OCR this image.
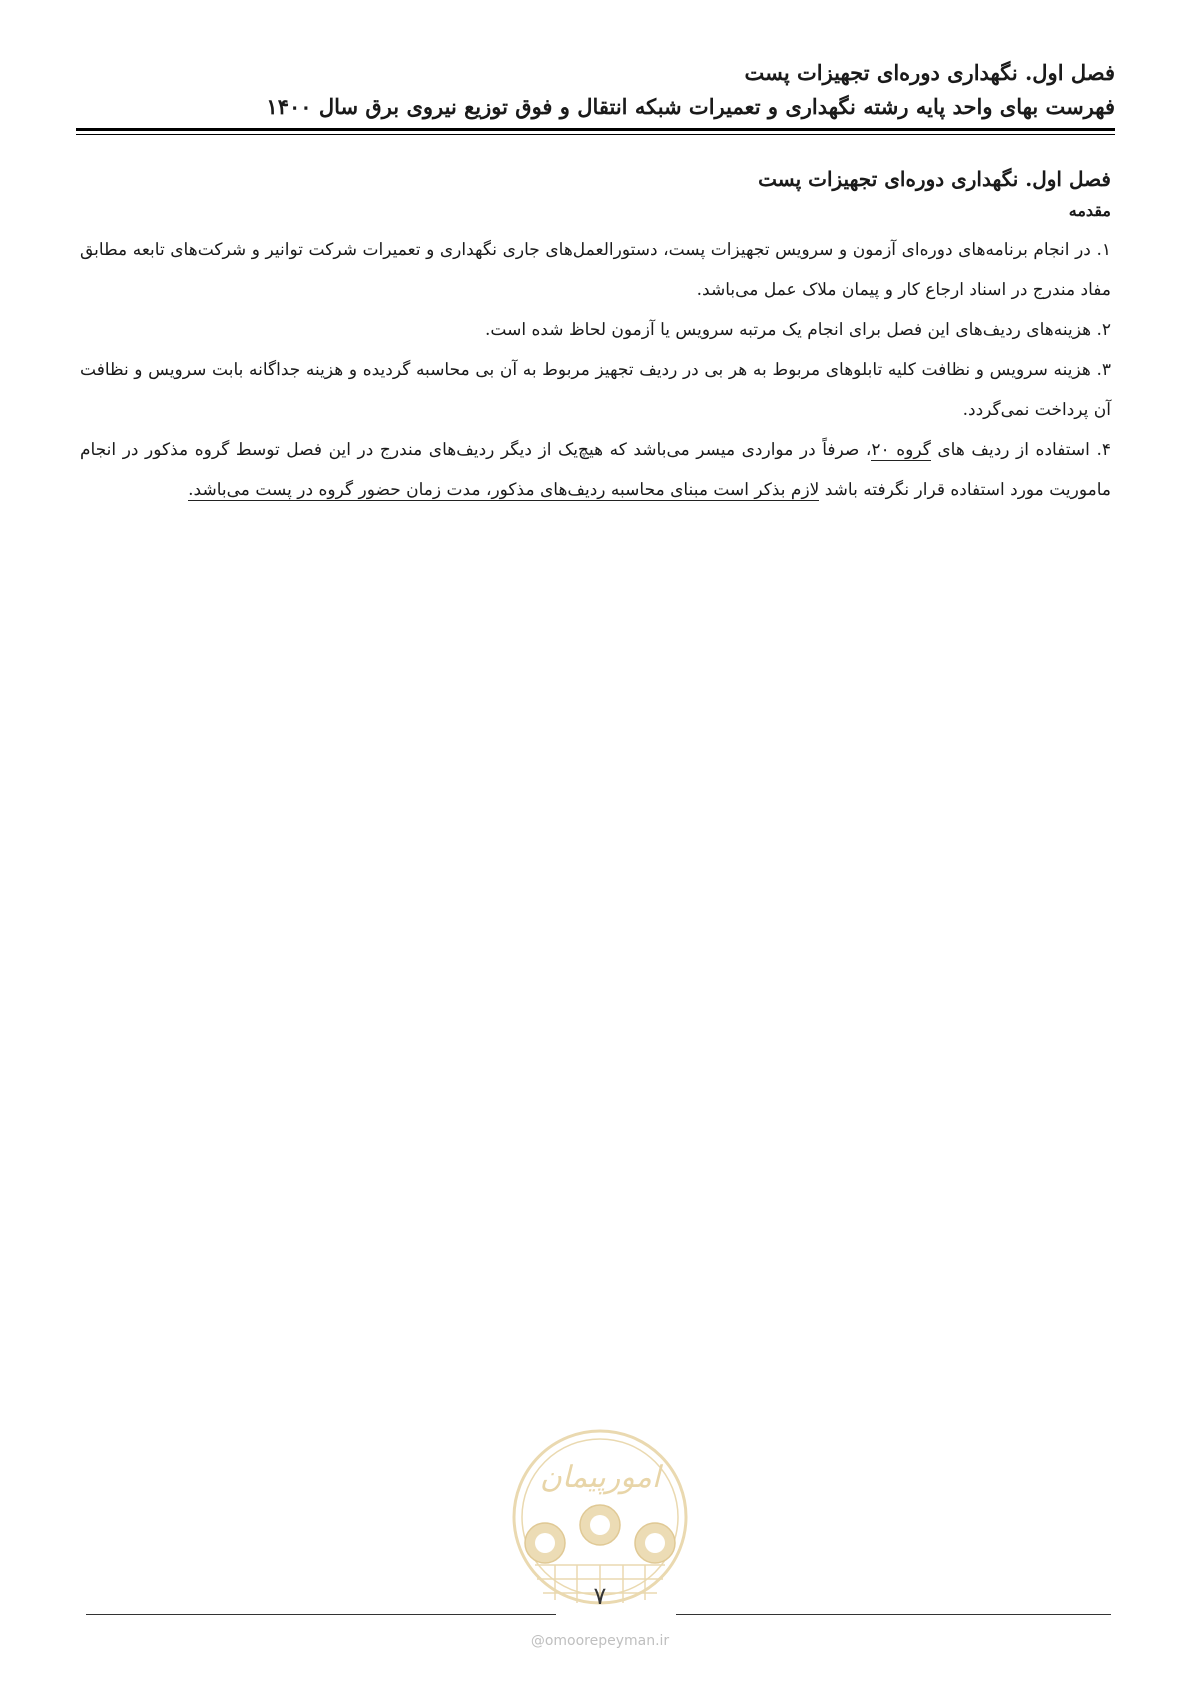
فصل اول. نگهداری دوره‌ای تجهیزات پست
فهرست بهای واحد پایه رشته نگهداری و تعمیرات شبکه انتقال و فوق توزیع نیروی برق سال ۱۴۰۰
فصل اول. نگهداری دوره‌ای تجهیزات پست
مقدمه
۱. در انجام برنامه‌های دوره‌ای آزمون و سرویس تجهیزات پست، دستورالعمل‌های جاری نگهداری و تعمیرات شرکت توانیر و شرکت‌های تابعه مطابق مفاد مندرج در اسناد ارجاع کار و پیمان ملاک عمل می‌باشد.
۲. هزینه‌های ردیف‌های این فصل برای انجام یک مرتبه سرویس یا آزمون لحاظ شده است.
۳. هزینه سرویس و نظافت کلیه تابلوهای مربوط به هر بی در ردیف تجهیز مربوط به آن بی محاسبه گردیده و هزینه جداگانه بابت سرویس و نظافت آن پرداخت نمی‌گردد.
۴. استفاده از ردیف های گروه ۲۰، صرفاً در مواردی میسر می‌باشد که هیچ‌یک از دیگر ردیف‌های مندرج در این فصل توسط گروه مذکور در انجام ماموریت مورد استفاده قرار نگرفته باشد لازم بذکر است مبنای محاسبه ردیف‌های مذکور، مدت زمان حضور گروه در پست می‌باشد.
امورپیمان
۷
@omoorepeyman.ir
